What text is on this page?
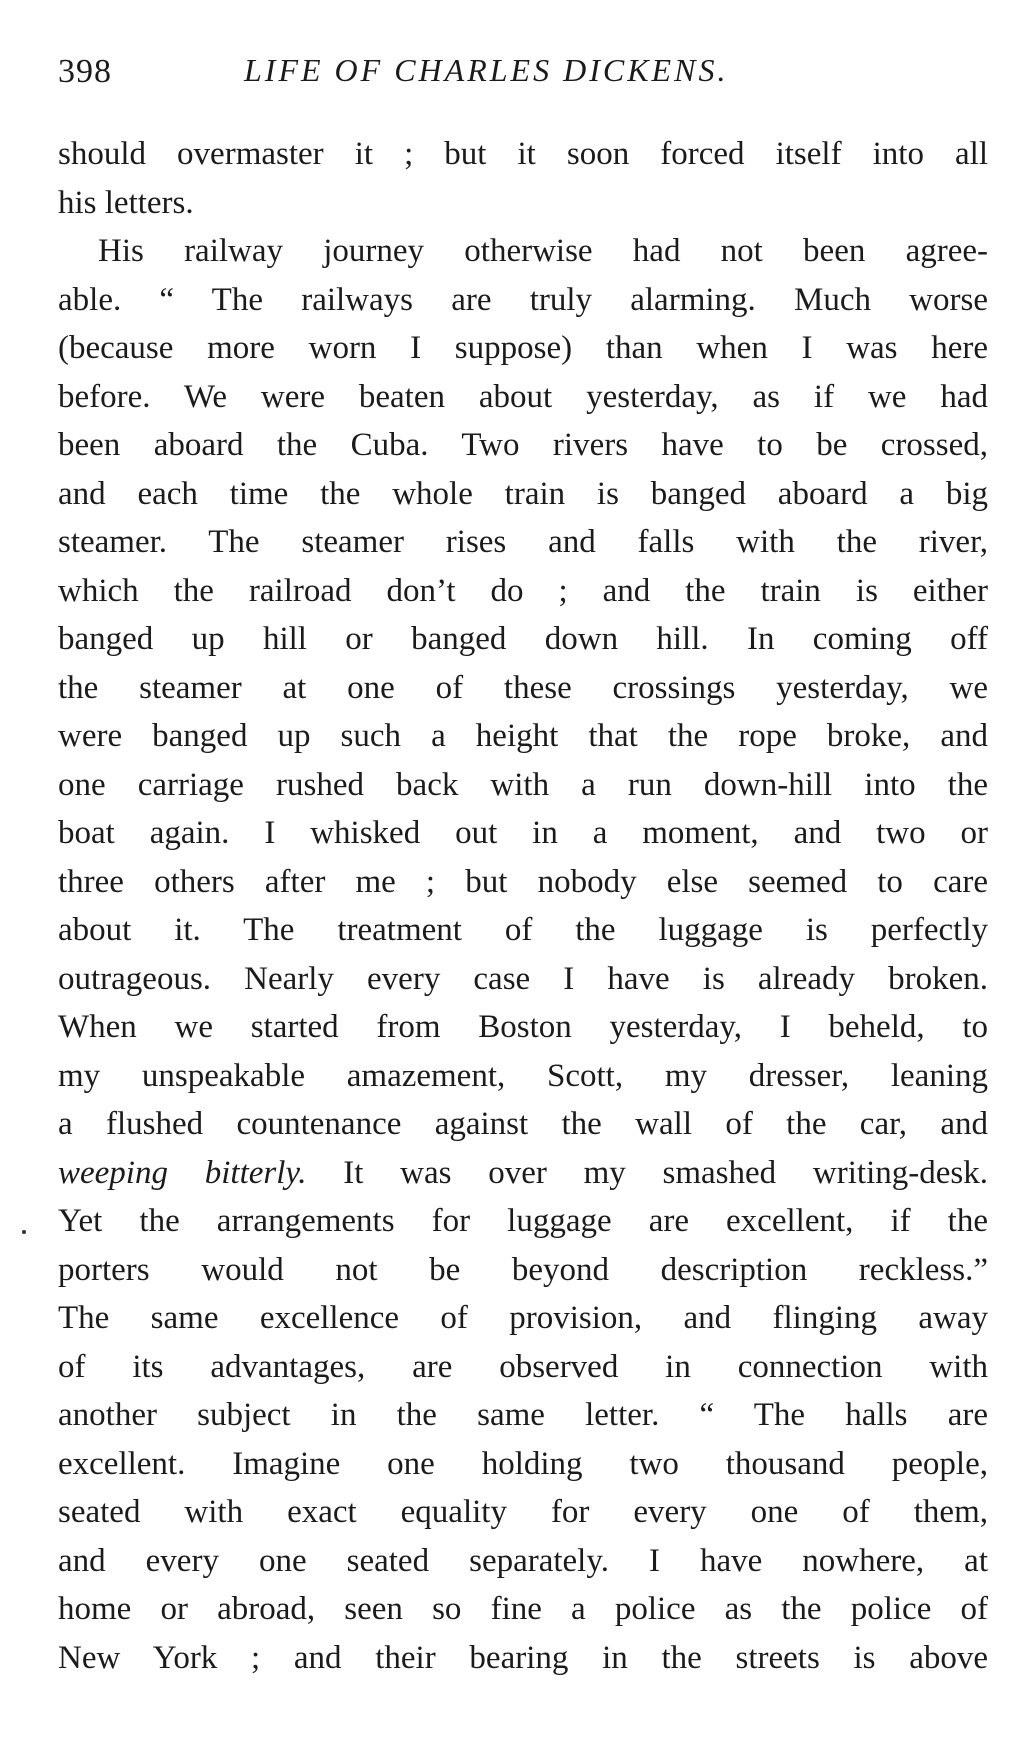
398	LIFE OF CHARLES DICKENS.
should overmaster it ; but it soon forced itself into all
his letters.
His railway journey otherwise had not been agree-
able. “ The railways are truly alarming. Much worse
(because more worn I suppose) than when I was here
before. We were beaten about yesterday, as if we had
been aboard the Cuba. Two rivers have to be crossed,
and each time the whole train is banged aboard a big
steamer. The steamer rises and falls with the river,
which the railroad don’t do ; and the train is either
banged up hill or banged down hill. In coming off
the steamer at one of these crossings yesterday, we
were banged up such a height that the rope broke, and
one carriage rushed back with a run down-hill into the
boat again. I whisked out in a moment, and two or
three others after me ; but nobody else seemed to care
about it. The treatment of the luggage is perfectly
outrageous. Nearly every case I have is already broken.
When we started from Boston yesterday, I beheld, to
my unspeakable amazement, Scott, my dresser, leaning
a flushed countenance against the wall of the car, and
weeping bitterly. It was over my smashed writing-desk.
Yet the arrangements for luggage are excellent, if the
porters would not be beyond description reckless.”
The same excellence of provision, and flinging away
of its advantages, are observed in connection with
another subject in the same letter. “ The halls are
excellent. Imagine one holding two thousand people,
seated with exact equality for every one of them,
and every one seated separately. I have nowhere, at
home or abroad, seen so fine a police as the police of
New York ; and their bearing in the streets is above
